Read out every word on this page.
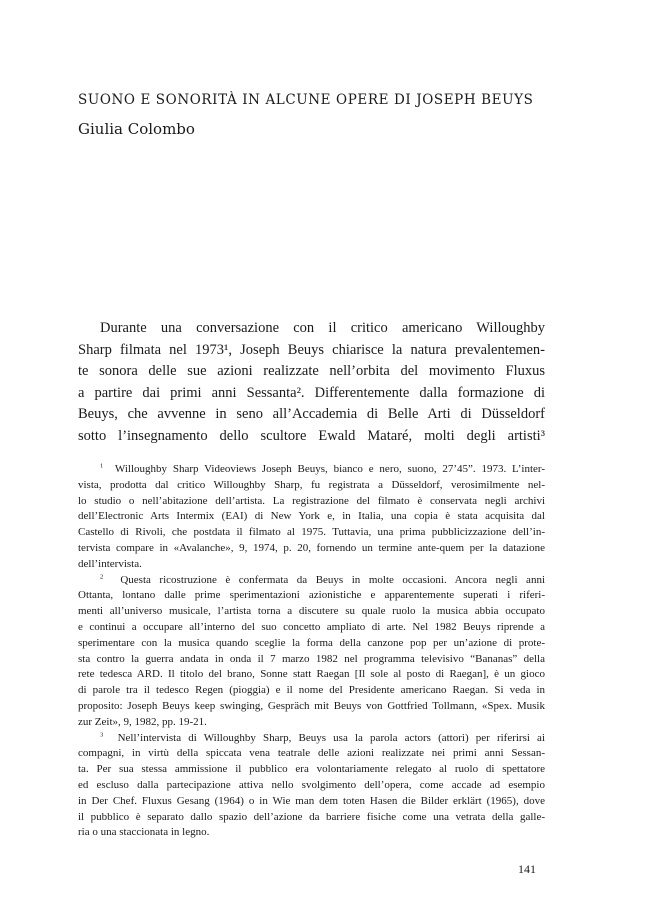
SUONO E SONORITÀ IN ALCUNE OPERE DI JOSEPH BEUYS
Giulia Colombo
Durante una conversazione con il critico americano Willoughby
Sharp filmata nel 1973¹, Joseph Beuys chiarisce la natura prevalentemen-
te sonora delle sue azioni realizzate nell’orbita del movimento Fluxus
a partire dai primi anni Sessanta². Differentemente dalla formazione di
Beuys, che avvenne in seno all’Accademia di Belle Arti di Düsseldorf
sotto l’insegnamento dello scultore Ewald Mataré, molti degli artisti³

$^1$ Willoughby Sharp Videoviews Joseph Beuys, bianco e nero, suono, 27’45”. 1973. L’inter-
vista, prodotta dal critico Willoughby Sharp, fu registrata a Düsseldorf, verosimilmente nel-
lo studio o nell’abitazione dell’artista. La registrazione del filmato è conservata negli archivi
dell’Electronic Arts Intermix (EAI) di New York e, in Italia, una copia è stata acquisita dal
Castello di Rivoli, che postdata il filmato al 1975. Tuttavia, una prima pubblicizzazione dell’in-
tervista compare in «Avalanche», 9, 1974, p. 20, fornendo un termine ante-quem per la datazione
dell’intervista.

$^2$ Questa ricostruzione è confermata da Beuys in molte occasioni. Ancora negli anni
Ottanta, lontano dalle prime sperimentazioni azionistiche e apparentemente superati i riferi-
menti all’universo musicale, l’artista torna a discutere su quale ruolo la musica abbia occupato
e continui a occupare all’interno del suo concetto ampliato di arte. Nel 1982 Beuys riprende a
sperimentare con la musica quando sceglie la forma della canzone pop per un’azione di prote-
sta contro la guerra andata in onda il 7 marzo 1982 nel programma televisivo “Bananas” della
rete tedesca ARD. Il titolo del brano, Sonne statt Raegan [Il sole al posto di Raegan], è un gioco
di parole tra il tedesco Regen (pioggia) e il nome del Presidente americano Raegan. Si veda in
proposito: Joseph Beuys keep swinging, Gespräch mit Beuys von Gottfried Tollmann, «Spex. Musik
zur Zeit», 9, 1982, pp. 19-21.

$^3$ Nell’intervista di Willoughby Sharp, Beuys usa la parola actors (attori) per riferirsi ai
compagni, in virtù della spiccata vena teatrale delle azioni realizzate nei primi anni Sessan-
ta. Per sua stessa ammissione il pubblico era volontariamente relegato al ruolo di spettatore
ed escluso dalla partecipazione attiva nello svolgimento dell’opera, come accade ad esempio
in Der Chef. Fluxus Gesang (1964) o in Wie man dem toten Hasen die Bilder erklärt (1965), dove
il pubblico è separato dallo spazio dell’azione da barriere fisiche come una vetrata della galle-
ria o una staccionata in legno.

141
